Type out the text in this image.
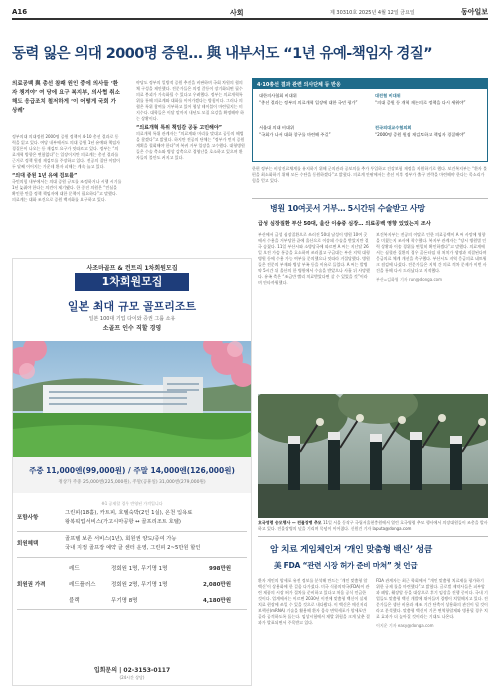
A16	사회	제 30310호 2025년 4월 12일 금요일	동아일보
동력 잃은 의대 2000명 증원… 與 내부서도 “1년 유예-책임자 경질”
의료공백 與 총선 참패 원인 중에 의사들 ‘환자 챙겨야’ 여 당에 요구 복지부, 의사협 취소해도 응급조치 철저하게 ‘이 어떻게 국회 가 상례’
정부의대 의대정원 2000명 증원 정책이 4·10 총선 결과로 동력을 잃고 있다. 여당 내부에서도 의대 증원 1년 유예와 책임자 경질론이 나오는 등 재검토 요구가 잇따르고 있다. 정부는 “의료개혁 방향은 변함없다”는 입장이지만 의료계는 총선 결과를 근거로 정책 원점 재검토를 주장하고 있다. 전공의 집단 이탈이 두 달째 이어지는 가운데 환자 피해는 계속 늘고 있다.
“의대 증원 1년 유예 검토를”
국민의힘 내부에서는 의대 증원 규모를 조정하거나 시행 시기를 1년 늦춰야 한다는 의견이 제기됐다. 한 중진 의원은 “민심을 확인한 만큼 정책 책임자에 대한 문책이 필요하다”고 말했다. 의료계는 대화 조건으로 증원 백지화를 요구하고 있다.
야당도 정부의 일방적 증원 추진을 비판하며 국회 차원의 협의체 구성을 제안했다. 전문가들은 의정 갈등이 장기화되면 필수의료 붕괴가 가속화될 수 있다고 우려했다. 정부는 의료개혁특위를 통해 의료계와 대화를 이어가겠다는 방침이다. 그러나 의협은 특위 참여를 거부하고 있어 협상 테이블이 마련될지는 미지수다. 대학들은 이달 말까지 내년도 모집 요강을 확정해야 하는 상황이다.
“의료개혁 특위 책임감 공동 고민해야”
의료개혁 특위 관계자는 “의료계와 머리를 맞대고 공동의 해법을 찾겠다”고 밝혔다. 하지만 전공의 단체는 “정부가 먼저 증원 계획을 철회해야 한다”며 복귀 거부 입장을 고수했다. 대형병원들은 수술 축소와 병상 감축으로 경영난을 호소하고 있으며 환자들의 불안도 커지고 있다.
4·10총선 결과 관련 의사단체 등 반응
대한의사협회 비대위
“총선 결과는 정부의 의료개혁 입장에 대한 국민 평가”
대전협 비대위
“의대 증원 등 개혁 재논의로 정책을 다시 세워야”
서울대 의대 비대위
“국회가 나서 대화 창구를 마련해 주길”
전국의대교수협의회
“2000명 증원 원점 재검토하고 책임자 경질해야”
한편 정부는 비상진료체계를 유지하기 위해 군의관과 공보의를 추가 투입하고 건강보험 재정을 지원하기로 했다. 보건복지부는 “환자 불편을 최소화하기 위해 모든 수단을 동원하겠다”고 밝혔다. 의료계 안팎에서는 총선 이후 정부가 출구 전략을 마련해야 한다는 목소리가 힘을 얻고 있다.
병원 10여곳서 거부… 5시간뒤 수술받고 사망
급성 심장질환 부산 50대, 울산 이송중 심장… 의료공백 영향 있었는지 조사
부산에서 급성 심장질환으로 쓰러진 50대 남성이 병원 10여 곳에서 수용을 거부당한 끝에 울산으로 이송돼 수술을 받았지만 결국 숨졌다. 11일 부산시와 소방당국에 따르면 A 씨는 지난달 26일 오전 가슴 통증을 호소하며 쓰러졌고 구급대는 부산 지역 대형병원 등에 수용 가능 여부를 문의했으나 잇따라 거절당했다. 병원들은 전문의 부재와 병상 부족 등을 이유로 들었다. A 씨는 발병 약 5시간 뒤 울산의 한 병원에서 수술을 받았으나 사흘 뒤 사망했다. 유족 측은 “조금만 빨리 치료받았다면 살 수 있었을 것”이라며 안타까워했다.
보건복지부는 전공의 이탈로 인한 의료공백이 A 씨 사망에 영향을 미쳤는지 조사에 착수했다. 복지부 관계자는 “당시 병원별 인력 상황과 이송 경위를 면밀히 확인하겠다”고 말했다. 의료계에서는 심혈관 질환의 경우 골든타임 내 처치가 생명과 직결된다며 응급의료 체계 개선을 촉구했다. 부산시도 지역 응급의료 네트워크 점검에 나섰다. 전문가들은 지역 간 의료 격차 문제가 이번 사건을 통해 다시 드러났다고 지적했다.
부산=김화영 기자 run@donga.com
호국영령 숭모행사 — 전몰장병 추모 11일 서울 동작구 국립서울현충원에서 열린 호국영령 추모 행사에서 의장대원들이 조총을 발사하고 있다. 전몰장병의 넋을 기리며 묵념이 이어졌다. 신원건 기자 laputa@donga.com
암 치료 게임체인저 ‘개인 맞춤형 백신’ 성큼
美 FDA “관련 시장 허가 준비 마쳐” 첫 언급
환자 개인의 암세포 유전 정보를 분석해 만드는 ‘개인 맞춤형 암 백신’이 상용화에 한 걸음 다가섰다. 미국 식품의약국(FDA)이 관련 제품의 시장 허가 절차를 준비하고 있다고 처음 공식 언급한 것이다. 업계에서는 이르면 2030년 이전에 맞춤형 백신이 실제 치료 현장에 쓰일 수 있을 것으로 내다봤다. 이 백신은 메신저리보핵산(mRNA) 기술을 활용해 환자 몸속 면역세포가 암세포만 골라 공격하도록 돕는다. 임상시험에서 재발 위험을 크게 낮춘 결과가 발표되면서 주목받고 있다.
FDA 관계자는 최근 학회에서 “개인 맞춤형 치료제를 평가하기 위한 규제 틀을 마련했다”고 밝혔다. 글로벌 제약사들은 피부암과 폐암, 췌장암 등을 대상으로 후기 임상을 진행 중이다. 국내 기업들도 맞춤형 백신 개발에 뛰어들며 경쟁이 치열해지고 있다. 전문가들은 생산 비용과 제조 기간 단축이 상용화의 관건이 될 것이라고 분석했다. 맞춤형 백신이 기존 면역항암제와 병용될 경우 치료 효과가 더 높아질 것이라는 기대도 나온다.
이지운 기자 easy@donga.com
사조마골프 & 컨트리 1차회원모집
1차회원모집
일본 최대 규모 골프리조트
일본 100대 기업 다이와 증권 그룹 소유
소골프 인수 직할 경영
주중 11,000엔(99,000원) / 주말 14,000엔(126,000원)
정상가 주중 25,000엔(225,000원), 주말(공휴일) 31,000엔(279,000원)
※1 공제할 경우 반영된 가격입니다
포함사항
그린피(18홀), 카트피, 호텔숙박(2인 1실), 온천 입욕료
왕복픽업서비스(가고시마공항 ↔ 골프리조트 호텔)
회원혜택
골프텔 보존 서비스(1년), 회원권 양도/증여 가능
국내 지정 골프장 예약 클 센터 운영, 그린피 2~5만원 할인
회원권 가격
레드	정회원 1명, 무기명 1명	998만원
레드플러스	정회원 2명, 무기명 1명	2,080만원
블랙	무기명 8명	4,180만원
입회문의 | 02-3153-0117
(24시간 상담)
